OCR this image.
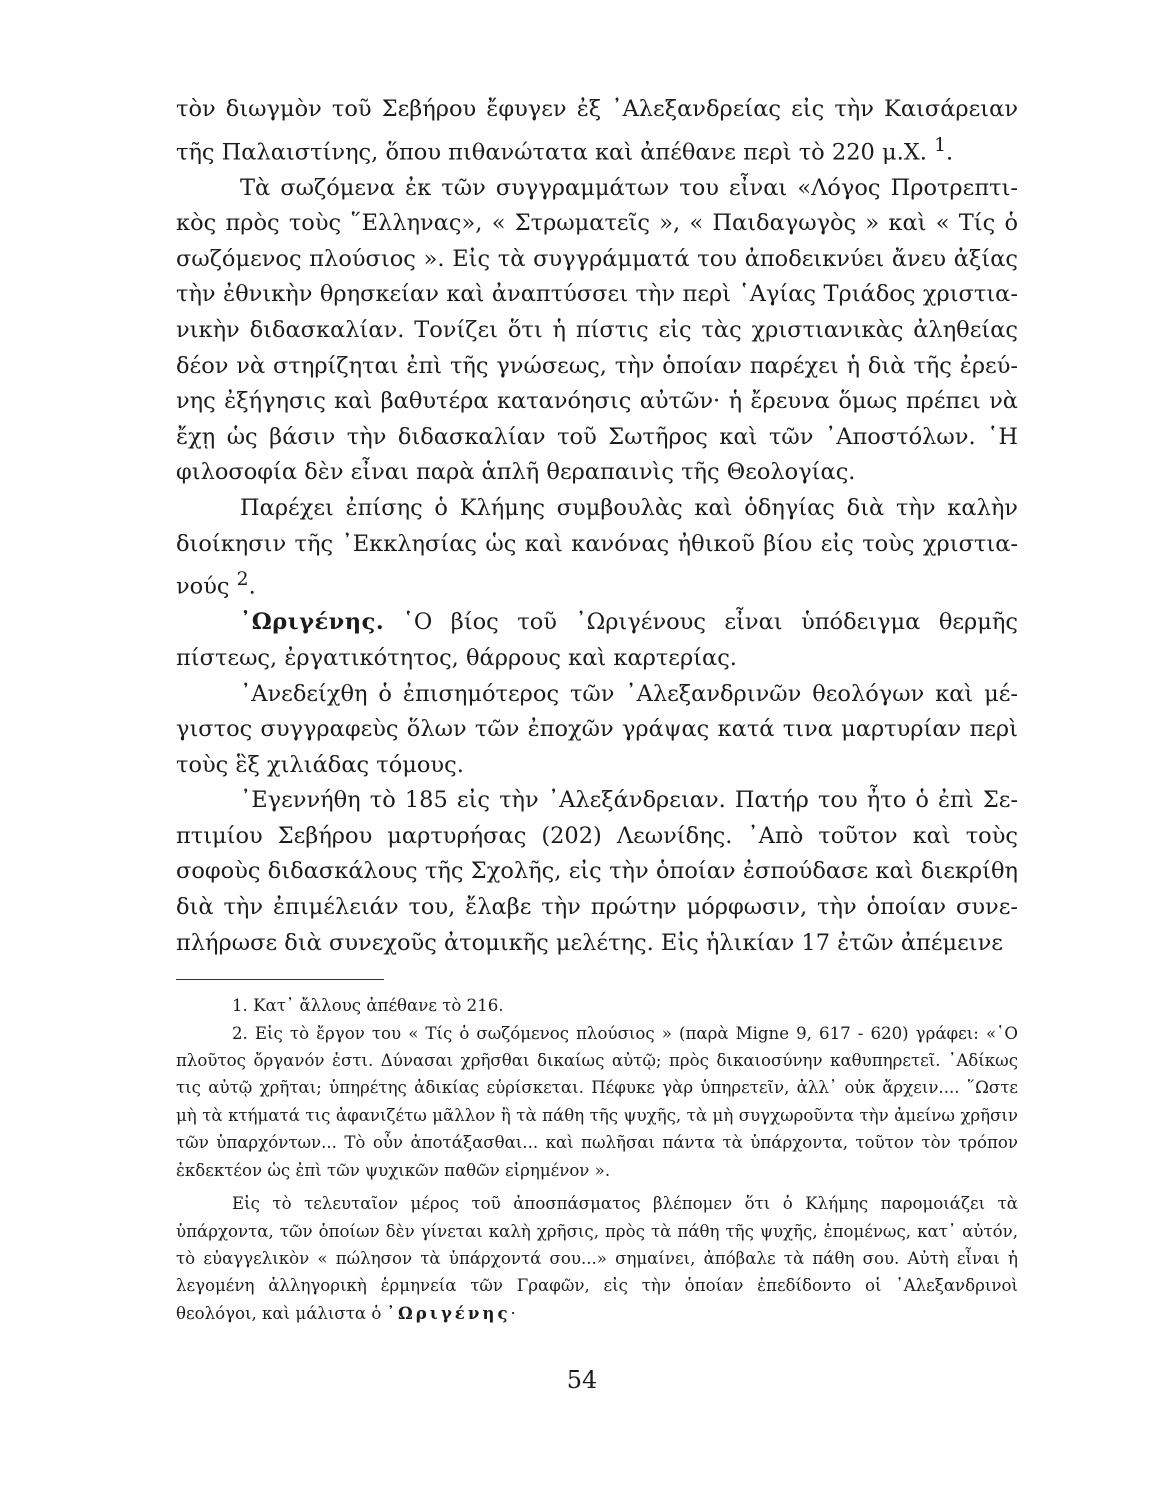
τὸν διωγμὸν τοῦ Σεβήρου ἔφυγεν ἐξ ᾿Αλεξανδρείας εἰς τὴν Καισάρειαν τῆς Παλαιστίνης, ὅπου πιθανώτατα καὶ ἀπέθανε περὶ τὸ 220 μ.Χ. $^1$.

Τὰ σωζόμενα ἐκ τῶν συγγραμμάτων του εἶναι «Λόγος Προτρεπτικὸς πρὸς τοὺς ῞Ελληνας», « Στρωματεῖς », « Παιδαγωγὸς » καὶ « Τίς ὁ σωζόμενος πλούσιος ». Εἰς τὰ συγγράμματά του ἀποδεικνύει ἄνευ ἀξίας τὴν ἐθνικὴν θρησκείαν καὶ ἀναπτύσσει τὴν περὶ ῾Αγίας Τριάδος χριστιανικὴν διδασκαλίαν. Τονίζει ὅτι ἡ πίστις εἰς τὰς χριστιανικὰς ἀληθείας δέον νὰ στηρίζηται ἐπὶ τῆς γνώσεως, τὴν ὁποίαν παρέχει ἡ διὰ τῆς ἐρεύνης ἐξήγησις καὶ βαθυτέρα κατανόησις αὐτῶν· ἡ ἔρευνα ὅμως πρέπει νὰ ἔχῃ ὡς βάσιν τὴν διδασκαλίαν τοῦ Σωτῆρος καὶ τῶν ᾿Αποστόλων. ῾Η φιλοσοφία δὲν εἶναι παρὰ ἁπλῆ θεραπαινὶς τῆς Θεολογίας.

Παρέχει ἐπίσης ὁ Κλήμης συμβουλὰς καὶ ὁδηγίας διὰ τὴν καλὴν διοίκησιν τῆς ᾿Εκκλησίας ὡς καὶ κανόνας ἠθικοῦ βίου εἰς τοὺς χριστιανούς $^2$.

᾿Ωριγένης. ῾Ο βίος τοῦ ᾿Ωριγένους εἶναι ὑπόδειγμα θερμῆς πίστεως, ἐργατικότητος, θάρρους καὶ καρτερίας.

᾿Ανεδείχθη ὁ ἐπισημότερος τῶν ᾿Αλεξανδρινῶν θεολόγων καὶ μέγιστος συγγραφεὺς ὅλων τῶν ἐποχῶν γράψας κατά τινα μαρτυρίαν περὶ τοὺς ἓξ χιλιάδας τόμους.

᾿Εγεννήθη τὸ 185 εἰς τὴν ᾿Αλεξάνδρειαν. Πατήρ του ἦτο ὁ ἐπὶ Σεπτιμίου Σεβήρου μαρτυρήσας (202) Λεωνίδης. ᾿Απὸ τοῦτον καὶ τοὺς σοφοὺς διδασκάλους τῆς Σχολῆς, εἰς τὴν ὁποίαν ἐσπούδασε καὶ διεκρίθη διὰ τὴν ἐπιμέλειάν του, ἔλαβε τὴν πρώτην μόρφωσιν, τὴν ὁποίαν συνεπλήρωσε διὰ συνεχοῦς ἀτομικῆς μελέτης. Εἰς ἡλικίαν 17 ἐτῶν ἀπέμεινε

1. Κατ᾿ ἄλλους ἀπέθανε τὸ 216.

2. Εἰς τὸ ἔργον του « Τίς ὁ σωζόμενος πλούσιος » (παρὰ Migne 9, 617 - 620) γράφει: «῾Ο πλοῦτος ὄργανόν ἐστι. Δύνασαι χρῆσθαι δικαίως αὐτῷ; πρὸς δικαιοσύνην καθυπηρετεῖ. ᾿Αδίκως τις αὐτῷ χρῆται; ὑπηρέτης ἀδικίας εὑρίσκεται. Πέφυκε γὰρ ὑπηρετεῖν, ἀλλ᾿ οὐκ ἄρχειν.... ῞Ωστε μὴ τὰ κτήματά τις ἀφανιζέτω μᾶλλον ἢ τὰ πάθη τῆς ψυχῆς, τὰ μὴ συγχωροῦντα τὴν ἀμείνω χρῆσιν τῶν ὑπαρχόντων... Τὸ οὖν ἀποτάξασθαι... καὶ πωλῆσαι πάντα τὰ ὑπάρχοντα, τοῦτον τὸν τρόπον ἐκδεκτέον ὡς ἐπὶ τῶν ψυχικῶν παθῶν εἰρημένον ».

Εἰς τὸ τελευταῖον μέρος τοῦ ἀποσπάσματος βλέπομεν ὅτι ὁ Κλήμης παρομοιάζει τὰ ὑπάρχοντα, τῶν ὁποίων δὲν γίνεται καλὴ χρῆσις, πρὸς τὰ πάθη τῆς ψυχῆς, ἑπομένως, κατ᾿ αὐτόν, τὸ εὐαγγελικὸν « πώλησον τὰ ὑπάρχοντά σου...» σημαίνει, ἀπόβαλε τὰ πάθη σου. Αὐτὴ εἶναι ἡ λεγομένη ἀλληγορικὴ ἑρμηνεία τῶν Γραφῶν, εἰς τὴν ὁποίαν ἐπεδίδοντο οἱ ᾿Αλεξανδρινοὶ θεολόγοι, καὶ μάλιστα ὁ ᾿Ωριγένης·

54
